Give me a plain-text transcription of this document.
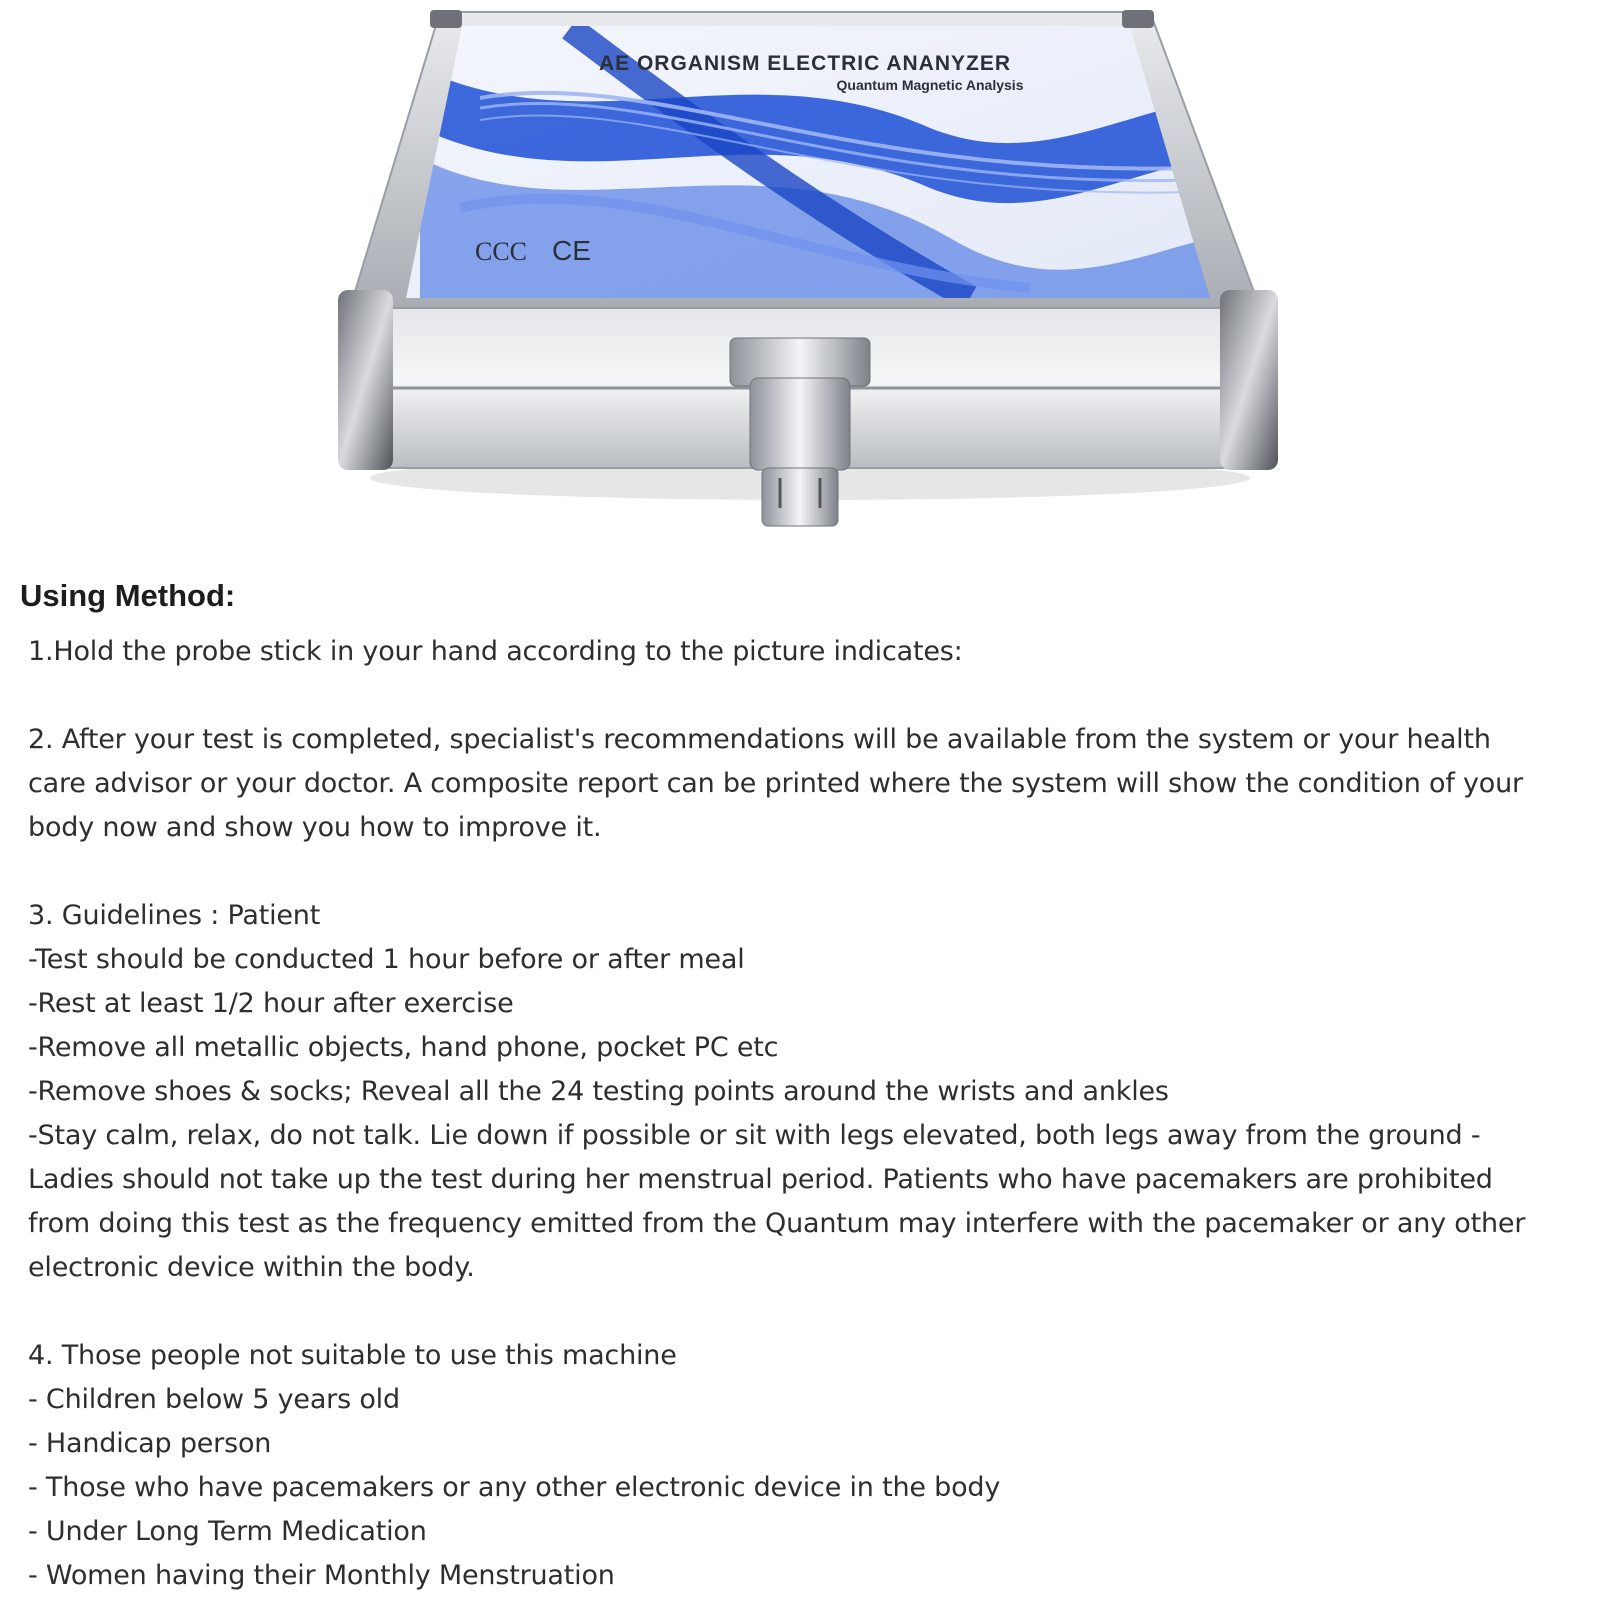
AE ORGANISM ELECTRIC ANANYZER
Quantum Magnetic Analysis
CCC CE
Using Method:

1.Hold the probe stick in your hand according to the picture indicates:

2. After your test is completed, specialist's recommendations will be available from the system or your health

care advisor or your doctor. A composite report can be printed where the system will show the condition of your

body now and show you how to improve it.

3. Guidelines : Patient

-Test should be conducted 1 hour before or after meal

-Rest at least 1/2 hour after exercise

-Remove all metallic objects, hand phone, pocket PC etc

-Remove shoes & socks; Reveal all the 24 testing points around the wrists and ankles

-Stay calm, relax, do not talk. Lie down if possible or sit with legs elevated, both legs away from the ground -

Ladies should not take up the test during her menstrual period. Patients who have pacemakers are prohibited

from doing this test as the frequency emitted from the Quantum may interfere with the pacemaker or any other

electronic device within the body.

4. Those people not suitable to use this machine

- Children below 5 years old

- Handicap person

- Those who have pacemakers or any other electronic device in the body

- Under Long Term Medication

- Women having their Monthly Menstruation
